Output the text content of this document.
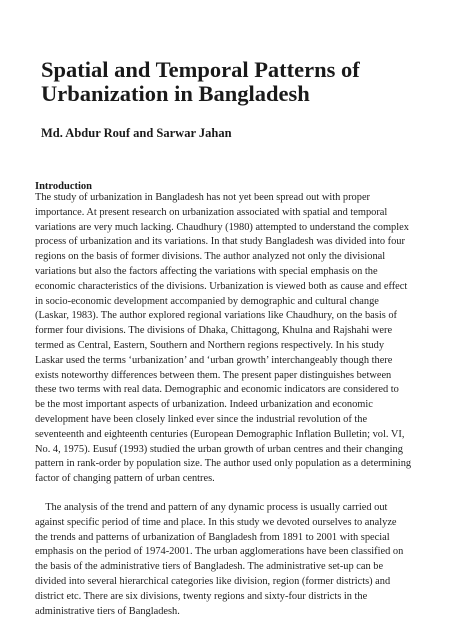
Spatial and Temporal Patterns of
Urbanization in Bangladesh

Md. Abdur Rouf and Sarwar Jahan

Introduction
The study of urbanization in Bangladesh has not yet been spread out with proper
importance. At present research on urbanization associated with spatial and temporal
variations are very much lacking. Chaudhury (1980) attempted to understand the complex
process of urbanization and its variations. In that study Bangladesh was divided into four
regions on the basis of former divisions. The author analyzed not only the divisional
variations but also the factors affecting the variations with special emphasis on the
economic characteristics of the divisions. Urbanization is viewed both as cause and effect
in socio-economic development accompanied by demographic and cultural change
(Laskar, 1983). The author explored regional variations like Chaudhury, on the basis of
former four divisions. The divisions of Dhaka, Chittagong, Khulna and Rajshahi were
termed as Central, Eastern, Southern and Northern regions respectively. In his study
Laskar used the terms ‘urbanization’ and ‘urban growth’ interchangeably though there
exists noteworthy differences between them. The present paper distinguishes between
these two terms with real data. Demographic and economic indicators are considered to
be the most important aspects of urbanization. Indeed urbanization and economic
development have been closely linked ever since the industrial revolution of the
seventeenth and eighteenth centuries (European Demographic Inflation Bulletin; vol. VI,
No. 4, 1975). Eusuf (1993) studied the urban growth of urban centres and their changing
pattern in rank-order by population size. The author used only population as a determining
factor of changing pattern of urban centres.
The analysis of the trend and pattern of any dynamic process is usually carried out
against specific period of time and place. In this study we devoted ourselves to analyze
the trends and patterns of urbanization of Bangladesh from 1891 to 2001 with special
emphasis on the period of 1974-2001. The urban agglomerations have been classified on
the basis of the administrative tiers of Bangladesh. The administrative set-up can be
divided into several hierarchical categories like division, region (former districts) and
district etc. There are six divisions, twenty regions and sixty-four districts in the
administrative tiers of Bangladesh.
